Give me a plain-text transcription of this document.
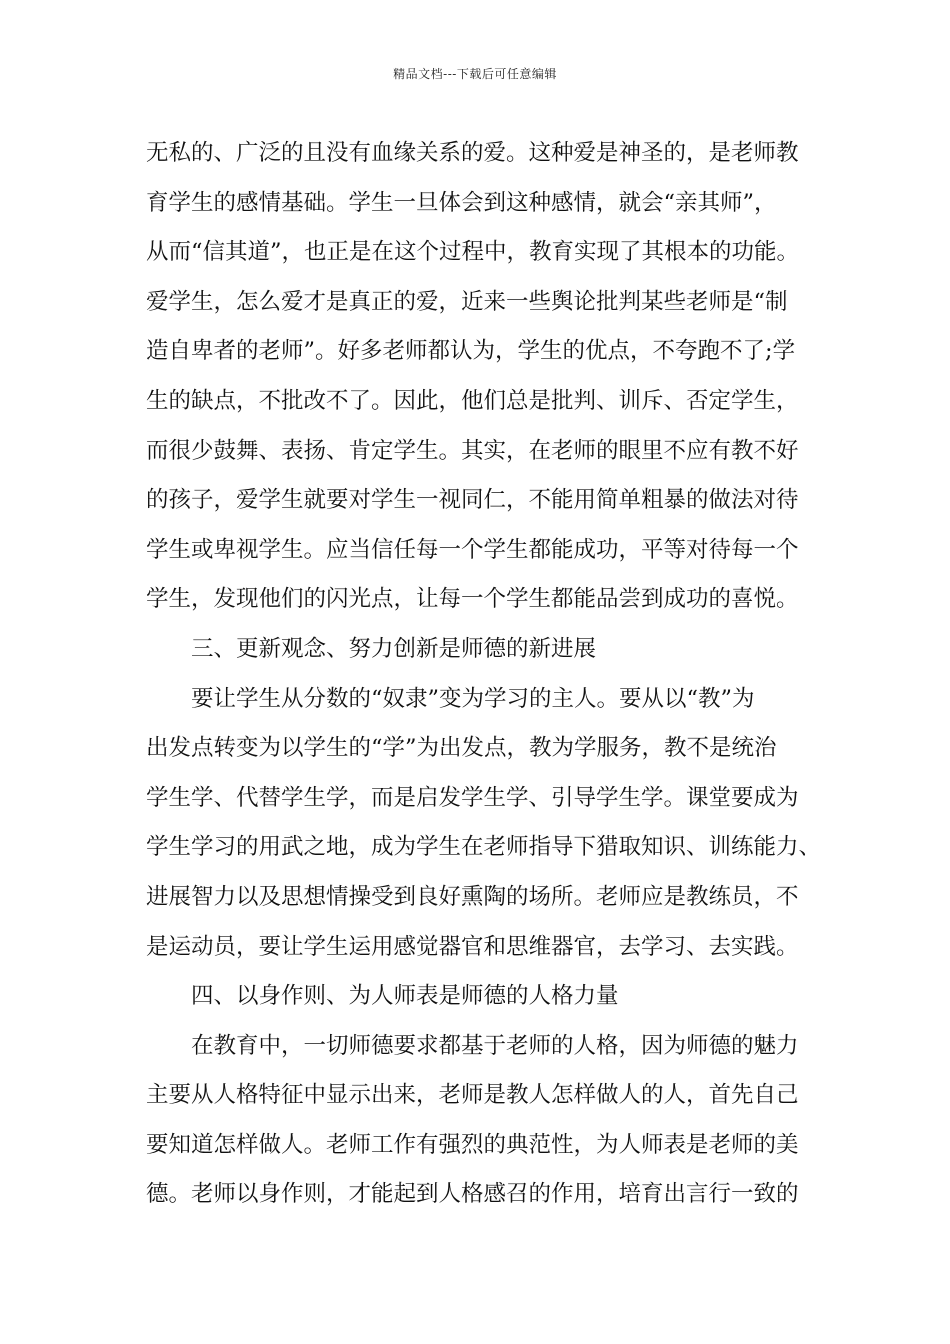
精品文档---下载后可任意编辑
无私的、广泛的且没有血缘关系的爱。这种爱是神圣的，是老师教
育学生的感情基础。学生一旦体会到这种感情，就会“亲其师”，
从而“信其道”，也正是在这个过程中，教育实现了其根本的功能。
爱学生，怎么爱才是真正的爱，近来一些舆论批判某些老师是“制
造自卑者的老师”。好多老师都认为，学生的优点，不夸跑不了;学
生的缺点，不批改不了。因此，他们总是批判、训斥、否定学生，
而很少鼓舞、表扬、肯定学生。其实，在老师的眼里不应有教不好
的孩子，爱学生就要对学生一视同仁，不能用简单粗暴的做法对待
学生或卑视学生。应当信任每一个学生都能成功，平等对待每一个
学生，发现他们的闪光点，让每一个学生都能品尝到成功的喜悦。
三、更新观念、努力创新是师德的新进展
要让学生从分数的“奴隶”变为学习的主人。要从以“教”为
出发点转变为以学生的“学”为出发点，教为学服务，教不是统治
学生学、代替学生学，而是启发学生学、引导学生学。课堂要成为
学生学习的用武之地，成为学生在老师指导下猎取知识、训练能力、
进展智力以及思想情操受到良好熏陶的场所。老师应是教练员，不
是运动员，要让学生运用感觉器官和思维器官，去学习、去实践。
四、以身作则、为人师表是师德的人格力量
在教育中，一切师德要求都基于老师的人格，因为师德的魅力
主要从人格特征中显示出来，老师是教人怎样做人的人，首先自己
要知道怎样做人。老师工作有强烈的典范性，为人师表是老师的美
德。老师以身作则，才能起到人格感召的作用，培育出言行一致的
